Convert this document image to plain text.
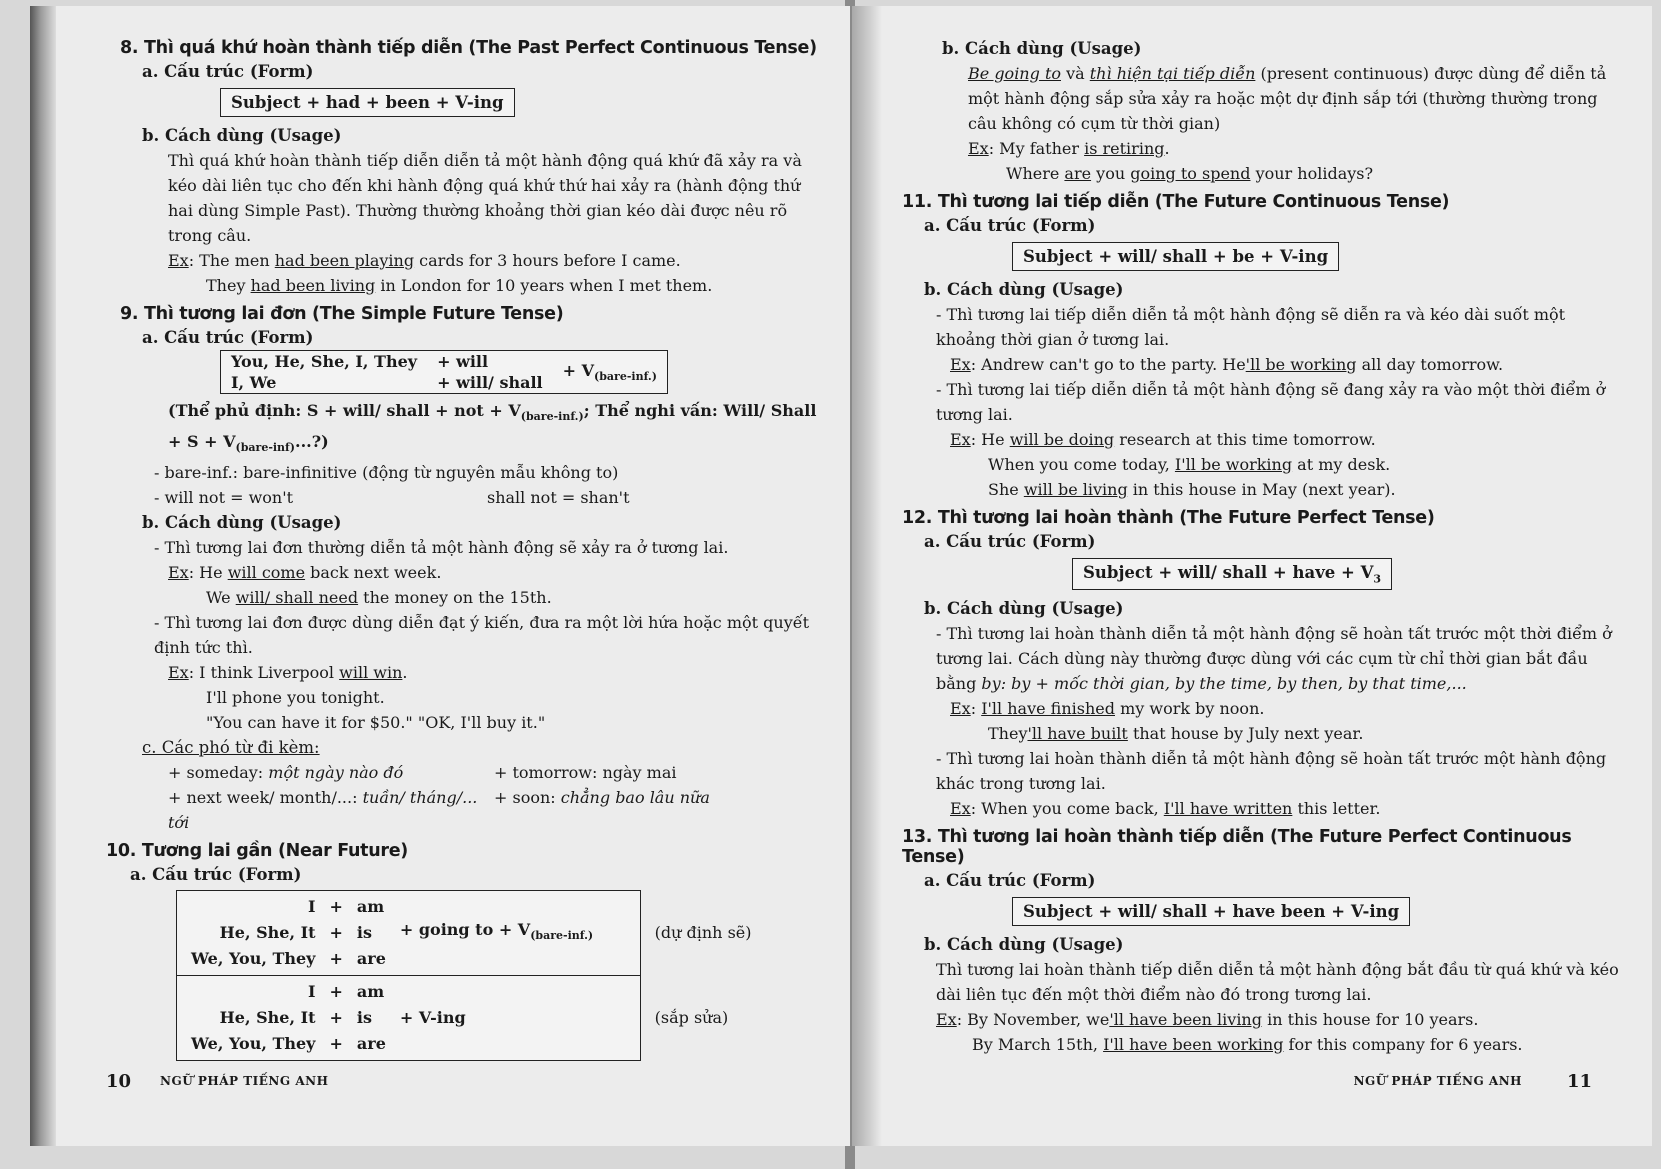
8. Thì quá khứ hoàn thành tiếp diễn (The Past Perfect Continuous Tense)
a. Cấu trúc (Form)
Subject + had + been + V-ing
b. Cách dùng (Usage)
Thì quá khứ hoàn thành tiếp diễn diễn tả một hành động quá khứ đã xảy ra và kéo dài liên tục cho đến khi hành động quá khứ thứ hai xảy ra (hành động thứ hai dùng Simple Past). Thường thường khoảng thời gian kéo dài được nêu rõ trong câu.
Ex: The men had been playing cards for 3 hours before I came.
They had been living in London for 10 years when I met them.
9. Thì tương lai đơn (The Simple Future Tense)
a. Cấu trúc (Form)
You, He, She, I, They	+ will	+ $V_{(bare-inf.)}$
I, We	+ will/ shall	
(Thể phủ định: S + will/ shall + not + $V_{(bare-inf.)}$; Thể nghi vấn: Will/ Shall + $S + V_{(bare-inf)}$...?)
- bare-inf.: bare-infinitive (động từ nguyên mẫu không to)
- will not = won't	shall not = shan't
b. Cách dùng (Usage)
- Thì tương lai đơn thường diễn tả một hành động sẽ xảy ra ở tương lai.
Ex: He will come back next week.
We will/ shall need the money on the 15th.
- Thì tương lai đơn được dùng diễn đạt ý kiến, đưa ra một lời hứa hoặc một quyết định tức thì.
Ex: I think Liverpool will win.
I'll phone you tonight.
"You can have it for $50." "OK, I'll buy it."
c. Các phó từ đi kèm:
+ someday: một ngày nào đó	+ tomorrow: ngày mai
+ next week/ month/...: tuần/ tháng/... tới
+ soon: chẳng bao lâu nữa
10. Tương lai gần (Near Future)
a. Cấu trúc (Form)
I	+	am	+ going to + $V_{(bare-inf.)}$
He, She, It	+	is
We, You, They	+	are
	(dự định sẽ)

I	+	am	+ V-ing
He, She, It	+	is
We, You, They	+	are
	(sắp sửa)
10 NGỮ PHÁP TIẾNG ANH
b. Cách dùng (Usage)
Be going to và thì hiện tại tiếp diễn (present continuous) được dùng để diễn tả một hành động sắp sửa xảy ra hoặc một dự định sắp tới (thường thường trong câu không có cụm từ thời gian)
Ex: My father is retiring.
Where are you going to spend your holidays?
11. Thì tương lai tiếp diễn (The Future Continuous Tense)
a. Cấu trúc (Form)
Subject + will/ shall + be + V-ing
b. Cách dùng (Usage)
- Thì tương lai tiếp diễn diễn tả một hành động sẽ diễn ra và kéo dài suốt một khoảng thời gian ở tương lai.
Ex: Andrew can't go to the party. He'll be working all day tomorrow.
- Thì tương lai tiếp diễn diễn tả một hành động sẽ đang xảy ra vào một thời điểm ở tương lai.
Ex: He will be doing research at this time tomorrow.
When you come today, I'll be working at my desk.
She will be living in this house in May (next year).
12. Thì tương lai hoàn thành (The Future Perfect Tense)
a. Cấu trúc (Form)
Subject + will/ shall + have + $V_3$
b. Cách dùng (Usage)
- Thì tương lai hoàn thành diễn tả một hành động sẽ hoàn tất trước một thời điểm ở tương lai. Cách dùng này thường được dùng với các cụm từ chỉ thời gian bắt đầu bằng by: by + mốc thời gian, by the time, by then, by that time,...
Ex: I'll have finished my work by noon.
They'll have built that house by July next year.
- Thì tương lai hoàn thành diễn tả một hành động sẽ hoàn tất trước một hành động khác trong tương lai.
Ex: When you come back, I'll have written this letter.
13. Thì tương lai hoàn thành tiếp diễn (The Future Perfect Continuous Tense)
a. Cấu trúc (Form)
Subject + will/ shall + have been + V-ing
b. Cách dùng (Usage)
Thì tương lai hoàn thành tiếp diễn diễn tả một hành động bắt đầu từ quá khứ và kéo dài liên tục đến một thời điểm nào đó trong tương lai.
Ex: By November, we'll have been living in this house for 10 years.
By March 15th, I'll have been working for this company for 6 years.
NGỮ PHÁP TIẾNG ANH 11
